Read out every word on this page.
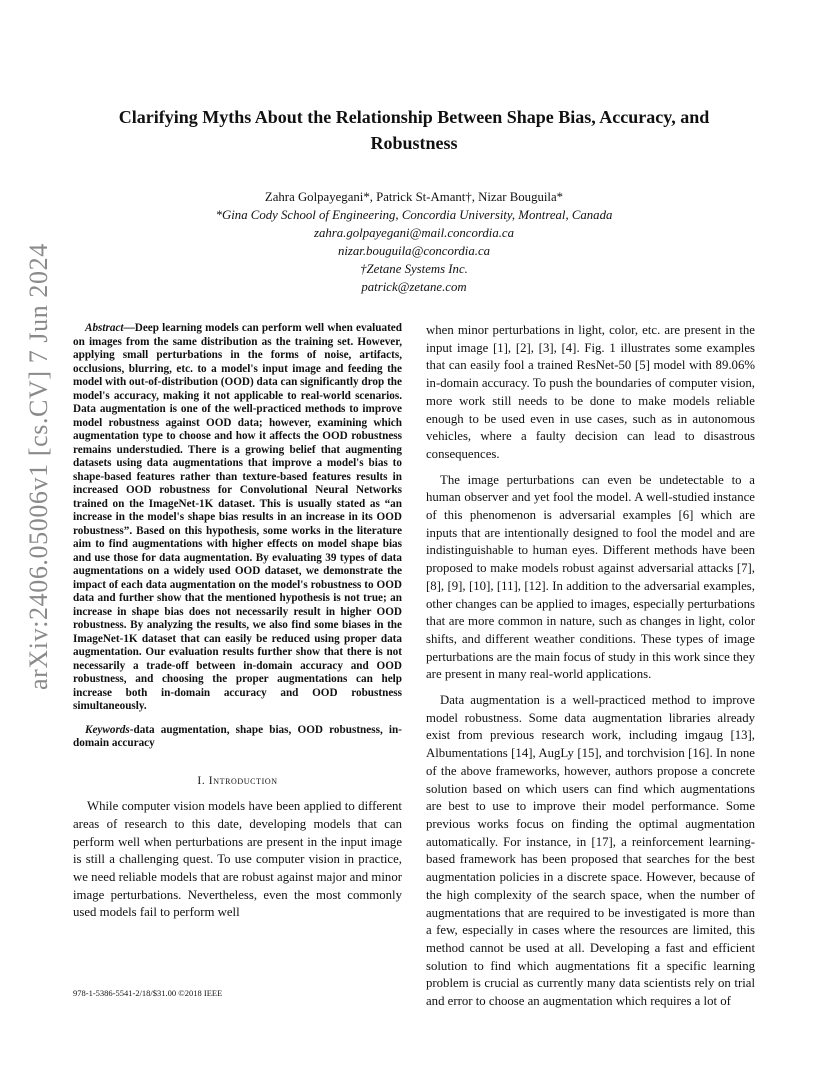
arXiv:2406.05006v1 [cs.CV] 7 Jun 2024
Clarifying Myths About the Relationship Between Shape Bias, Accuracy, and Robustness
Zahra Golpayegani*, Patrick St-Amant†, Nizar Bouguila*
*Gina Cody School of Engineering, Concordia University, Montreal, Canada
zahra.golpayegani@mail.concordia.ca
nizar.bouguila@concordia.ca
†Zetane Systems Inc.
patrick@zetane.com

Abstract—Deep learning models can perform well when evaluated on images from the same distribution as the training set. However, applying small perturbations in the forms of noise, artifacts, occlusions, blurring, etc. to a model's input image and feeding the model with out-of-distribution (OOD) data can significantly drop the model's accuracy, making it not applicable to real-world scenarios. Data augmentation is one of the well-practiced methods to improve model robustness against OOD data; however, examining which augmentation type to choose and how it affects the OOD robustness remains understudied. There is a growing belief that augmenting datasets using data augmentations that improve a model's bias to shape-based features rather than texture-based features results in increased OOD robustness for Convolutional Neural Networks trained on the ImageNet-1K dataset. This is usually stated as “an increase in the model's shape bias results in an increase in its OOD robustness”. Based on this hypothesis, some works in the literature aim to find augmentations with higher effects on model shape bias and use those for data augmentation. By evaluating 39 types of data augmentations on a widely used OOD dataset, we demonstrate the impact of each data augmentation on the model's robustness to OOD data and further show that the mentioned hypothesis is not true; an increase in shape bias does not necessarily result in higher OOD robustness. By analyzing the results, we also find some biases in the ImageNet-1K dataset that can easily be reduced using proper data augmentation. Our evaluation results further show that there is not necessarily a trade-off between in-domain accuracy and OOD robustness, and choosing the proper augmentations can help increase both in-domain accuracy and OOD robustness simultaneously.

Keywords-data augmentation, shape bias, OOD robustness, in-domain accuracy

I. Introduction

While computer vision models have been applied to different areas of research to this date, developing models that can perform well when perturbations are present in the input image is still a challenging quest. To use computer vision in practice, we need reliable models that are robust against major and minor image perturbations. Nevertheless, even the most commonly used models fail to perform well

when minor perturbations in light, color, etc. are present in the input image [1], [2], [3], [4]. Fig. 1 illustrates some examples that can easily fool a trained ResNet-50 [5] model with 89.06% in-domain accuracy. To push the boundaries of computer vision, more work still needs to be done to make models reliable enough to be used even in use cases, such as in autonomous vehicles, where a faulty decision can lead to disastrous consequences.

The image perturbations can even be undetectable to a human observer and yet fool the model. A well-studied instance of this phenomenon is adversarial examples [6] which are inputs that are intentionally designed to fool the model and are indistinguishable to human eyes. Different methods have been proposed to make models robust against adversarial attacks [7], [8], [9], [10], [11], [12]. In addition to the adversarial examples, other changes can be applied to images, especially perturbations that are more common in nature, such as changes in light, color shifts, and different weather conditions. These types of image perturbations are the main focus of study in this work since they are present in many real-world applications.

Data augmentation is a well-practiced method to improve model robustness. Some data augmentation libraries already exist from previous research work, including imgaug [13], Albumentations [14], AugLy [15], and torchvision [16]. In none of the above frameworks, however, authors propose a concrete solution based on which users can find which augmentations are best to use to improve their model performance. Some previous works focus on finding the optimal augmentation automatically. For instance, in [17], a reinforcement learning-based framework has been proposed that searches for the best augmentation policies in a discrete space. However, because of the high complexity of the search space, when the number of augmentations that are required to be investigated is more than a few, especially in cases where the resources are limited, this method cannot be used at all. Developing a fast and efficient solution to find which augmentations fit a specific learning problem is crucial as currently many data scientists rely on trial and error to choose an augmentation which requires a lot of

978-1-5386-5541-2/18/$31.00 ©2018 IEEE
